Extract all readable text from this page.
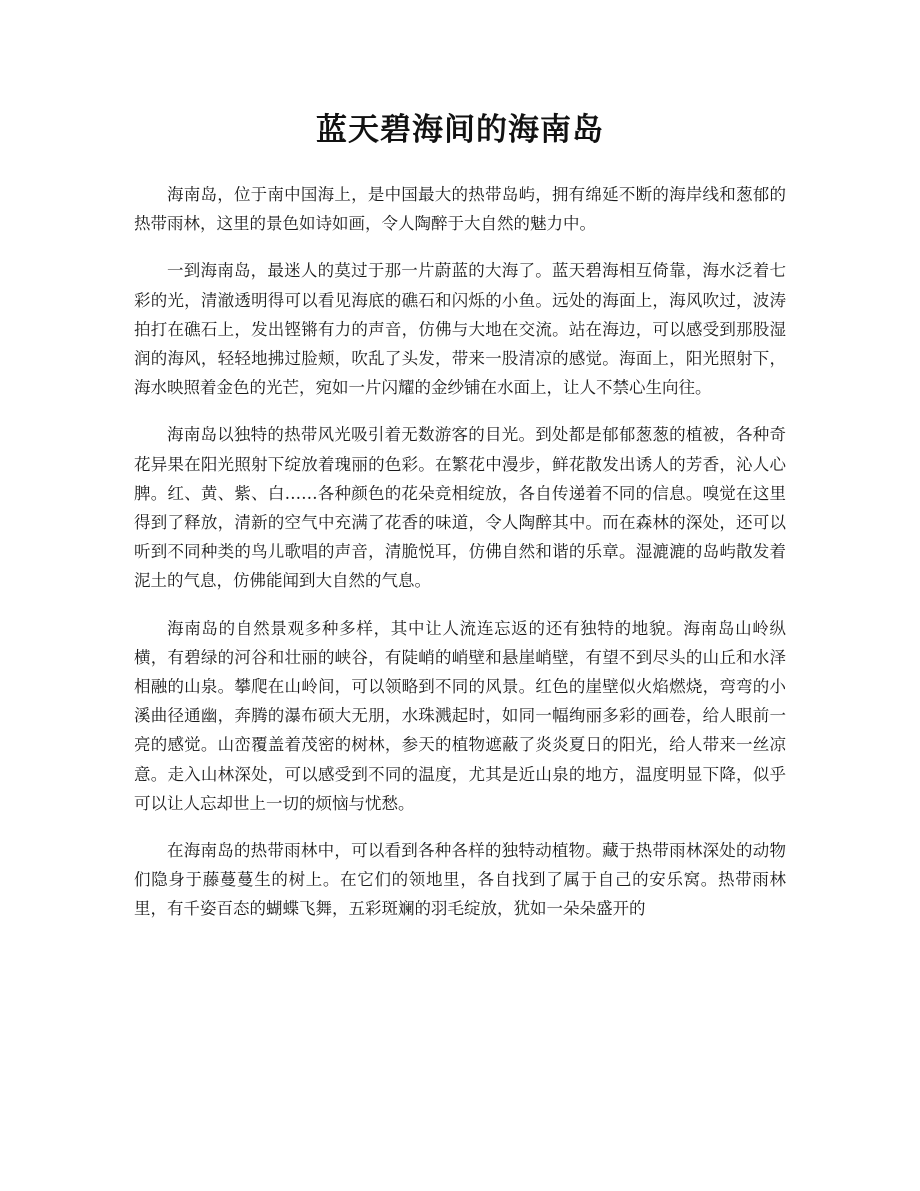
蓝天碧海间的海南岛

海南岛，位于南中国海上，是中国最大的热带岛屿，拥有绵延不断的海岸线和葱郁的热带雨林，这里的景色如诗如画，令人陶醉于大自然的魅力中。

一到海南岛，最迷人的莫过于那一片蔚蓝的大海了。蓝天碧海相互倚靠，海水泛着七彩的光，清澈透明得可以看见海底的礁石和闪烁的小鱼。远处的海面上，海风吹过，波涛拍打在礁石上，发出铿锵有力的声音，仿佛与大地在交流。站在海边，可以感受到那股湿润的海风，轻轻地拂过脸颊，吹乱了头发，带来一股清凉的感觉。海面上，阳光照射下，海水映照着金色的光芒，宛如一片闪耀的金纱铺在水面上，让人不禁心生向往。

海南岛以独特的热带风光吸引着无数游客的目光。到处都是郁郁葱葱的植被，各种奇花异果在阳光照射下绽放着瑰丽的色彩。在繁花中漫步，鲜花散发出诱人的芳香，沁人心脾。红、黄、紫、白……各种颜色的花朵竞相绽放，各自传递着不同的信息。嗅觉在这里得到了释放，清新的空气中充满了花香的味道，令人陶醉其中。而在森林的深处，还可以听到不同种类的鸟儿歌唱的声音，清脆悦耳，仿佛自然和谐的乐章。湿漉漉的岛屿散发着泥土的气息，仿佛能闻到大自然的气息。

海南岛的自然景观多种多样，其中让人流连忘返的还有独特的地貌。海南岛山岭纵横，有碧绿的河谷和壮丽的峡谷，有陡峭的峭壁和悬崖峭壁，有望不到尽头的山丘和水泽相融的山泉。攀爬在山岭间，可以领略到不同的风景。红色的崖壁似火焰燃烧，弯弯的小溪曲径通幽，奔腾的瀑布硕大无朋，水珠溅起时，如同一幅绚丽多彩的画卷，给人眼前一亮的感觉。山峦覆盖着茂密的树林，参天的植物遮蔽了炎炎夏日的阳光，给人带来一丝凉意。走入山林深处，可以感受到不同的温度，尤其是近山泉的地方，温度明显下降，似乎可以让人忘却世上一切的烦恼与忧愁。

在海南岛的热带雨林中，可以看到各种各样的独特动植物。藏于热带雨林深处的动物们隐身于藤蔓蔓生的树上。在它们的领地里，各自找到了属于自己的安乐窝。热带雨林里，有千姿百态的蝴蝶飞舞，五彩斑斓的羽毛绽放，犹如一朵朵盛开的
